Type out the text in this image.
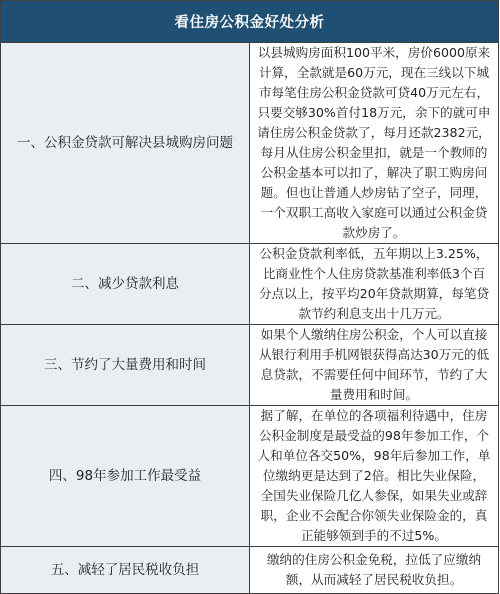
看住房公积金好处分析	
一、公积金贷款可解决县城购房问题	以县城购房面积100平米，房价6000原来计算，全款就是60万元，现在三线以下城市每笔住房公积金贷款可贷40万元左右，只要交够30%首付18万元，余下的就可申请住房公积金贷款了，每月还款2382元，每月从住房公积金里扣，就是一个教师的公积金基本可以扣了，解决了职工购房问题。但也让普通人炒房钻了空子，同理，一个双职工高收入家庭可以通过公积金贷款炒房了。
二、减少贷款利息	公积金贷款利率低，五年期以上3.25%，比商业性个人住房贷款基准利率低3个百分点以上，按平均20年贷款期算，每笔贷款节约利息支出十几万元。
三、节约了大量费用和时间	如果个人缴纳住房公积金，个人可以直接从银行利用手机网银获得高达30万元的低息贷款，不需要任何中间环节，节约了大量费用和时间。
四、98年参加工作最受益	据了解，在单位的各项福利待遇中，住房公积金制度是最受益的98年参加工作，个人和单位各交50%，98年后参加工作，单位缴纳更是达到了2倍。相比失业保险，全国失业保险几亿人参保，如果失业或辞职，企业不会配合你领失业保险金的，真正能够领到手的不过5%。
五、减轻了居民税收负担	缴纳的住房公积金免税，拉低了应缴纳额，从而减轻了居民税收负担。
